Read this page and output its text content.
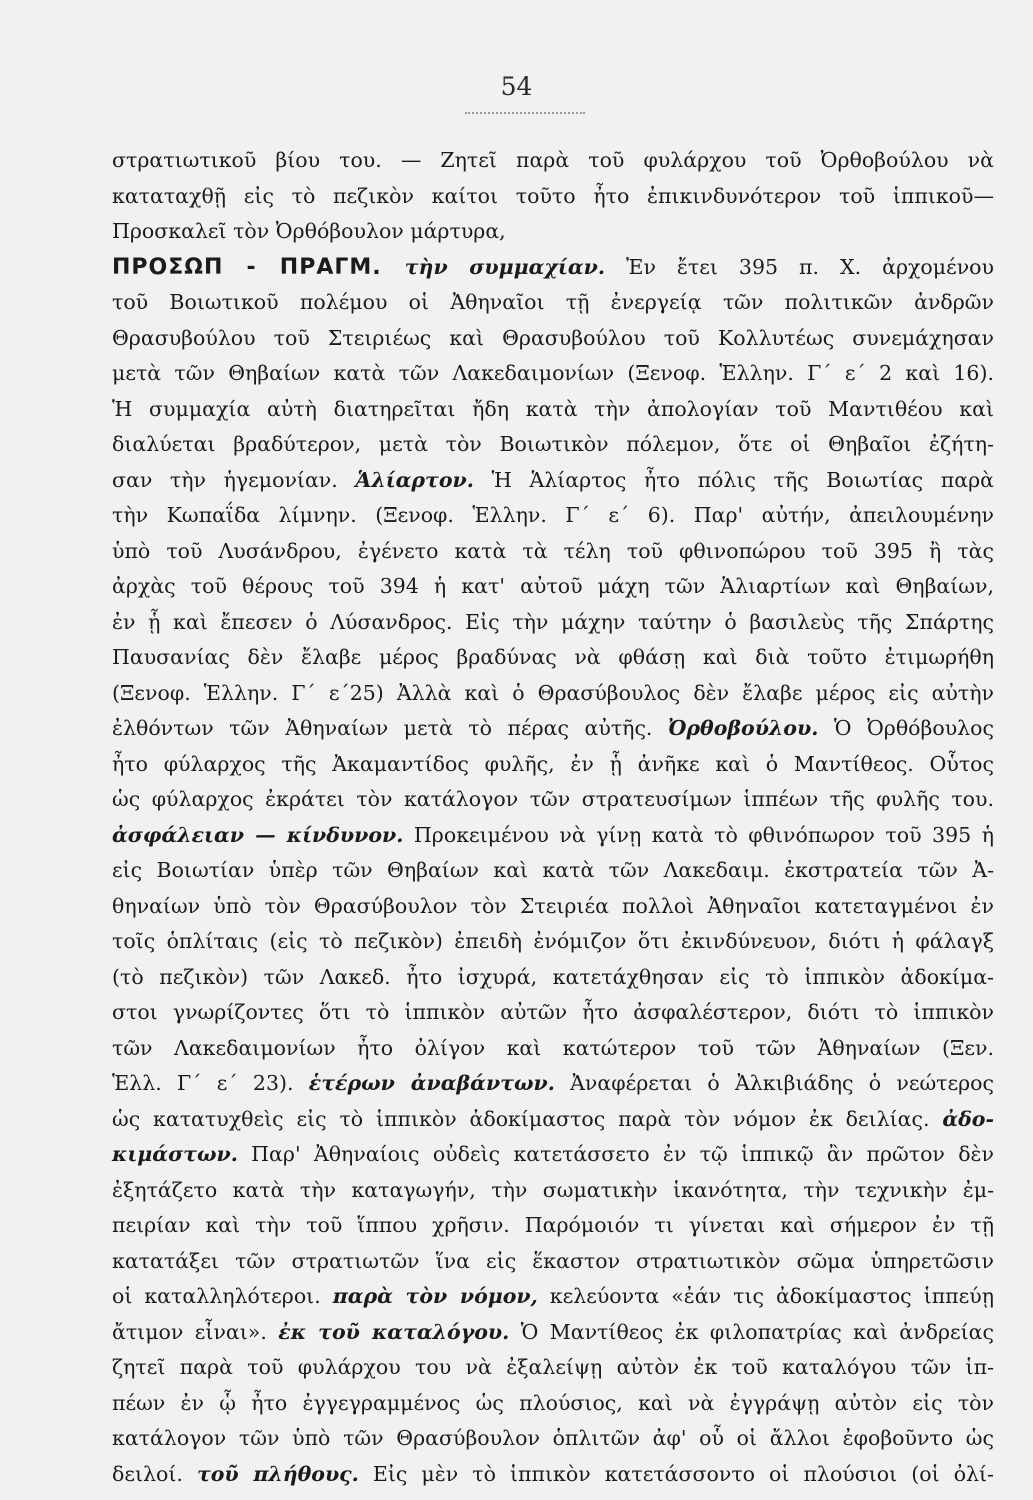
54
στρατιωτικοῦ βίου του. — Ζητεῖ παρὰ τοῦ φυλάρχου τοῦ Ὀρθοβούλου νὰ
καταταχθῇ εἰς τὸ πεζικὸν καίτοι τοῦτο ἦτο ἐπικινδυνότερον τοῦ ἱππικοῦ—
Προσκαλεῖ τὸν Ὀρθόβουλον μάρτυρα,
ΠΡΟΣΩΠ - ΠΡΑΓΜ. τὴν συμμαχίαν. Ἐν ἔτει 395 π. Χ. ἀρχομένου
τοῦ Βοιωτικοῦ πολέμου οἱ Ἀθηναῖοι τῇ ἐνεργείᾳ τῶν πολιτικῶν ἀνδρῶν
Θρασυβούλου τοῦ Στειριέως καὶ Θρασυβούλου τοῦ Κολλυτέως συνεμάχησαν
μετὰ τῶν Θηβαίων κατὰ τῶν Λακεδαιμονίων (Ξενοφ. Ἑλλην. Γ΄ ε΄ 2 καὶ 16).
Ἡ συμμαχία αὐτὴ διατηρεῖται ἤδη κατὰ τὴν ἀπολογίαν τοῦ Μαντιθέου καὶ
διαλύεται βραδύτερον, μετὰ τὸν Βοιωτικὸν πόλεμον, ὅτε οἱ Θηβαῖοι ἐζήτη-
σαν τὴν ἡγεμονίαν. Ἁλίαρτον. Ἡ Ἁλίαρτος ἦτο πόλις τῆς Βοιωτίας παρὰ
τὴν Κωπαΐδα λίμνην. (Ξενοφ. Ἑλλην. Γ΄ ε΄ 6). Παρ' αὐτήν, ἀπειλουμένην
ὑπὸ τοῦ Λυσάνδρου, ἐγένετο κατὰ τὰ τέλη τοῦ φθινοπώρου τοῦ 395 ἢ τὰς
ἀρχὰς τοῦ θέρους τοῦ 394 ἡ κατ' αὐτοῦ μάχη τῶν Ἁλιαρτίων καὶ Θηβαίων,
ἐν ᾗ καὶ ἔπεσεν ὁ Λύσανδρος. Εἰς τὴν μάχην ταύτην ὁ βασιλεὺς τῆς Σπάρτης
Παυσανίας δὲν ἔλαβε μέρος βραδύνας νὰ φθάσῃ καὶ διὰ τοῦτο ἐτιμωρήθη
(Ξενοφ. Ἑλλην. Γ΄ ε΄25) Ἀλλὰ καὶ ὁ Θρασύβουλος δὲν ἔλαβε μέρος εἰς αὐτὴν
ἐλθόντων τῶν Ἀθηναίων μετὰ τὸ πέρας αὐτῆς. Ὀρθοβούλου. Ὁ Ὀρθόβουλος
ἦτο φύλαρχος τῆς Ἀκαμαντίδος φυλῆς, ἐν ᾗ ἀνῆκε καὶ ὁ Μαντίθεος. Οὗτος
ὡς φύλαρχος ἐκράτει τὸν κατάλογον τῶν στρατευσίμων ἱππέων τῆς φυλῆς του.
ἀσφάλειαν — κίνδυνον. Προκειμένου νὰ γίνῃ κατὰ τὸ φθινόπωρον τοῦ 395 ἡ
εἰς Βοιωτίαν ὑπὲρ τῶν Θηβαίων καὶ κατὰ τῶν Λακεδαιμ. ἐκστρατεία τῶν Ἀ-
θηναίων ὑπὸ τὸν Θρασύβουλον τὸν Στειριέα πολλοὶ Ἀθηναῖοι κατεταγμένοι ἐν
τοῖς ὁπλίταις (εἰς τὸ πεζικὸν) ἐπειδὴ ἐνόμιζον ὅτι ἐκινδύνευον, διότι ἡ φάλαγξ
(τὸ πεζικὸν) τῶν Λακεδ. ἦτο ἰσχυρά, κατετάχθησαν εἰς τὸ ἱππικὸν ἀδοκίμα-
στοι γνωρίζοντες ὅτι τὸ ἱππικὸν αὐτῶν ἦτο ἀσφαλέστερον, διότι τὸ ἱππικὸν
τῶν Λακεδαιμονίων ἦτο ὀλίγον καὶ κατώτερον τοῦ τῶν Ἀθηναίων (Ξεν.
Ἑλλ. Γ΄ ε΄ 23). ἑτέρων ἀναβάντων. Ἀναφέρεται ὁ Ἀλκιβιάδης ὁ νεώτερος
ὡς κατατυχθεὶς εἰς τὸ ἱππικὸν ἀδοκίμαστος παρὰ τὸν νόμον ἐκ δειλίας. ἀδο-
κιμάστων. Παρ' Ἀθηναίοις οὐδεὶς κατετάσσετο ἐν τῷ ἱππικῷ ἂν πρῶτον δὲν
ἐξητάζετο κατὰ τὴν καταγωγήν, τὴν σωματικὴν ἱκανότητα, τὴν τεχνικὴν ἐμ-
πειρίαν καὶ τὴν τοῦ ἵππου χρῆσιν. Παρόμοιόν τι γίνεται καὶ σήμερον ἐν τῇ
κατατάξει τῶν στρατιωτῶν ἵνα εἰς ἕκαστον στρατιωτικὸν σῶμα ὑπηρετῶσιν
οἱ καταλληλότεροι. παρὰ τὸν νόμον, κελεύοντα «ἐάν τις ἀδοκίμαστος ἱππεύῃ
ἄτιμον εἶναι». ἐκ τοῦ καταλόγου. Ὁ Μαντίθεος ἐκ φιλοπατρίας καὶ ἀνδρείας
ζητεῖ παρὰ τοῦ φυλάρχου του νὰ ἐξαλείψῃ αὐτὸν ἐκ τοῦ καταλόγου τῶν ἱπ-
πέων ἐν ᾧ ἦτο ἐγγεγραμμένος ὡς πλούσιος, καὶ νὰ ἐγγράψῃ αὐτὸν εἰς τὸν
κατάλογον τῶν ὑπὸ τῶν Θρασύβουλον ὁπλιτῶν ἀφ' οὗ οἱ ἄλλοι ἐφοβοῦντο ὡς
δειλοί. τοῦ πλήθους. Εἰς μὲν τὸ ἱππικὸν κατετάσσοντο οἱ πλούσιοι (οἱ ὀλί-
